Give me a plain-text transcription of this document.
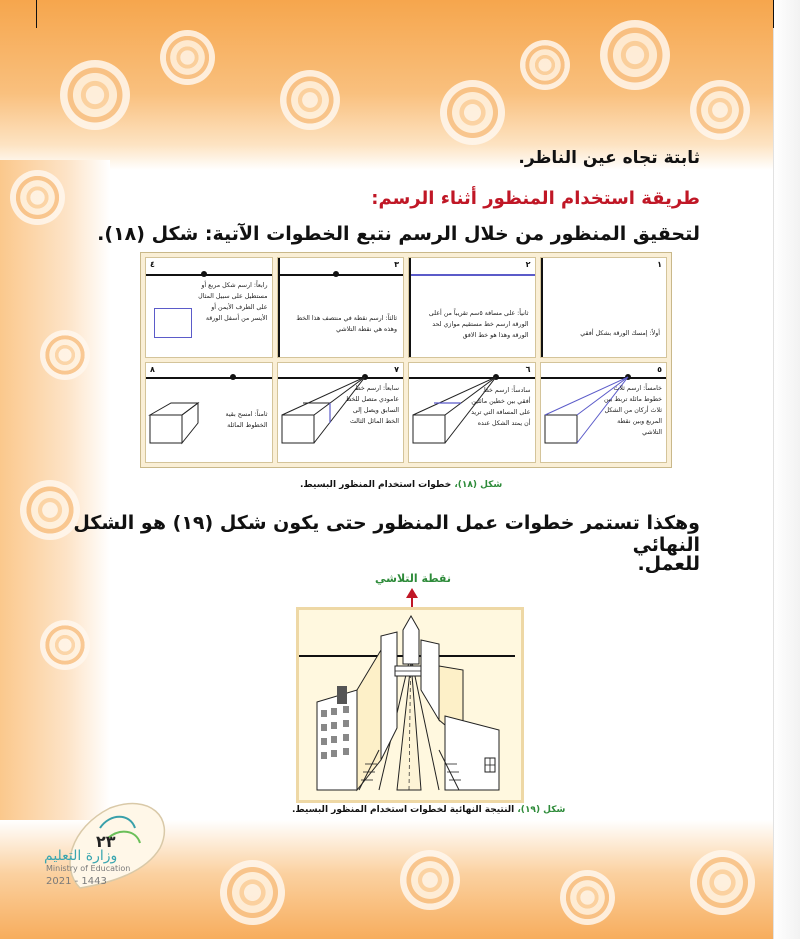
ثابتة تجاه عين الناظر.
طريقة استخدام المنظور أثناء الرسم:
لتحقيق المنظور من خلال الرسم نتبع الخطوات الآتية: شكل (١٨).
١
أولاً: إمسك الورقة بشكل أفقي
٢
ثانياً: على مسافة ٥سم تقريباً من أعلى الورقة ارسم خط مستقيم موازي لحد الورقة وهذا هو خط الافق
٣
ثالثاً: ارسم نقطة في منتصف هذا الخط وهذه هي نقطة التلاشي
٤
رابعاً: ارسم شكل مربع أو مستطيل على سبيل المثال على الطرف الأيمن أو الأيسر من أسفل الورقة
٥
خامساً: ارسم ثلاث خطوط مائلة تربط بين ثلاث أركان من الشكل المربع وبين نقطة التلاشي
٦
سادساً: ارسم خط أفقي بين خطين مائلين على المسافة التي تريد أن يمتد الشكل عنده
٧
سابعاً: ارسم خط عامودي متصل للخط السابق ويصل إلى الخط المائل الثالث
٨
ثامناً: امسح بقية الخطوط المائلة
شكل (١٨)، خطوات استخدام المنظور البسيط.
وهكذا تستمر خطوات عمل المنظور حتى يكون شكل (١٩) هو الشكل النهائي
للعمل.
نقطة التلاشي
شكل (١٩)، النتيجة النهائية لخطوات استخدام المنظور البسيط.
٢٣
وزارة التعليم
Ministry of Education
2021 - 1443
